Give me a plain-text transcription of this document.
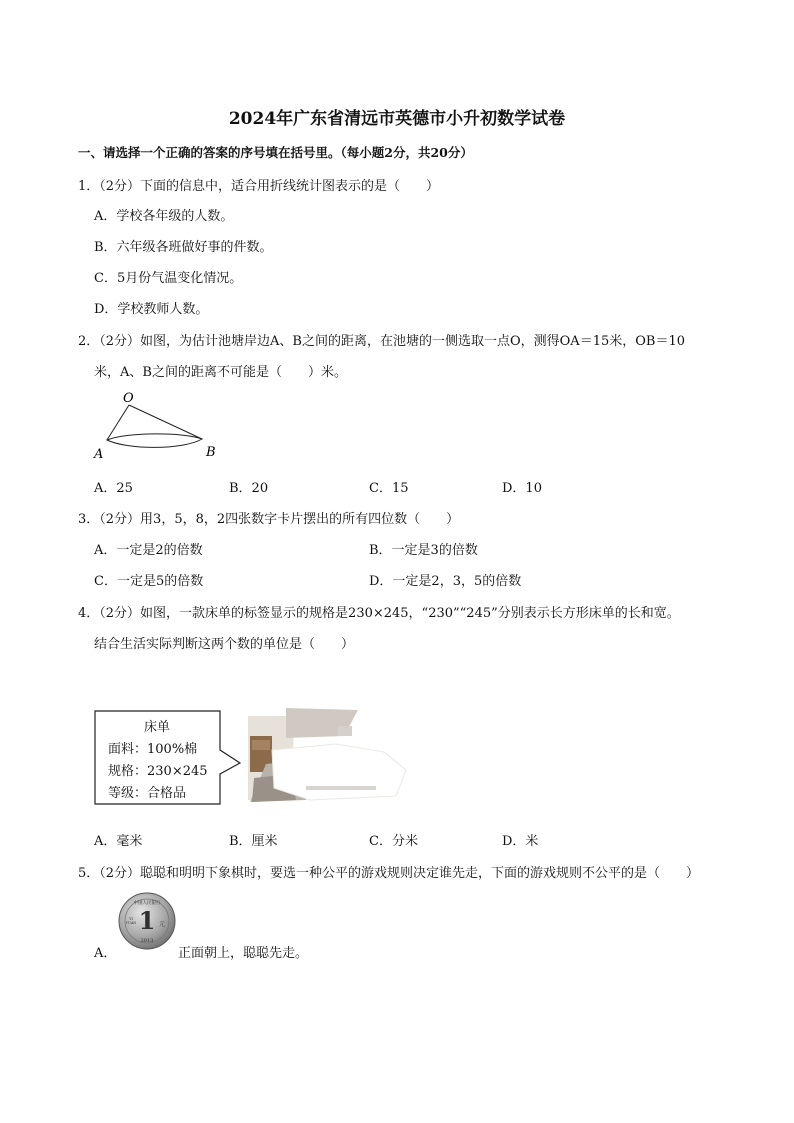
2024年广东省清远市英德市小升初数学试卷
一、请选择一个正确的答案的序号填在括号里。（每小题2分，共20分）
1．（2分）下面的信息中，适合用折线统计图表示的是（　　）
A．学校各年级的人数。
B．六年级各班做好事的件数。
C．5月份气温变化情况。
D．学校教师人数。
2．（2分）如图，为估计池塘岸边A、B之间的距离，在池塘的一侧选取一点O，测得OA＝15米，OB＝10
米，A、B之间的距离不可能是（　　）米。
O
A	B
A．25	B．20	C．15	D．10
3．（2分）用3，5，8，2四张数字卡片摆出的所有四位数（　　）
A．一定是2的倍数	B．一定是3的倍数
C．一定是5的倍数	D．一定是2，3，5的倍数
4．（2分）如图，一款床单的标签显示的规格是230×245，“230”“245”分别表示长方形床单的长和宽。
结合生活实际判断这两个数的单位是（　　）
床单
面料：100%棉
规格：230×245
等级：合格品
A．毫米	B．厘米	C．分米	D．米
5．（2分）聪聪和明明下象棋时，要选一种公平的游戏规则决定谁先走，下面的游戏规则不公平的是（　　）
A．
1 元
YI
YUAN
中国人民银行
2013
正面朝上，聪聪先走。
